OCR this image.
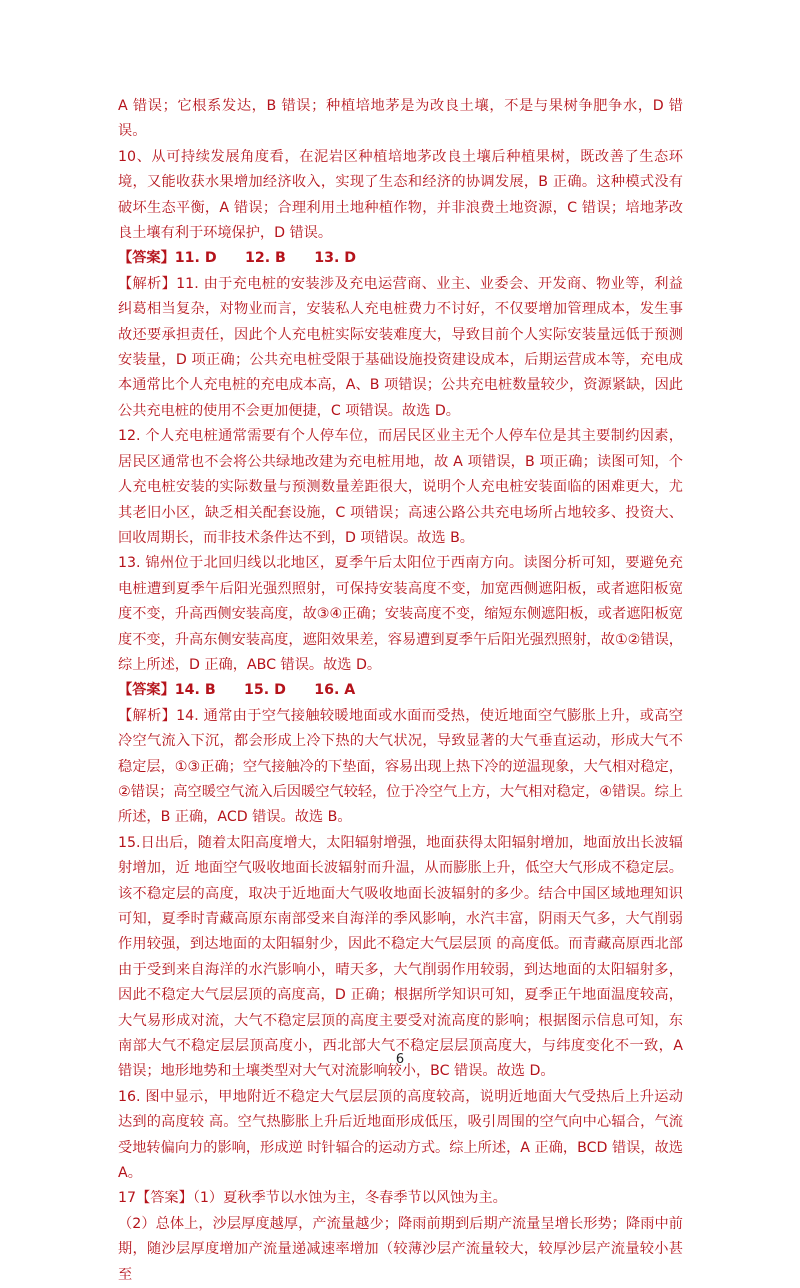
A 错误；它根系发达，B 错误；种植培地茅是为改良土壤，不是与果树争肥争水，D 错误。

10、从可持续发展角度看，在泥岩区种植培地茅改良土壤后种植果树，既改善了生态环境，又能收获水果增加经济收入，实现了生态和经济的协调发展，B 正确。这种模式没有破坏生态平衡，A 错误；合理利用土地种植作物，并非浪费土地资源，C 错误；培地茅改良土壤有利于环境保护，D 错误。

【答案】11. D　　12. B　　13. D

【解析】11. 由于充电桩的安装涉及充电运营商、业主、业委会、开发商、物业等，利益纠葛相当复杂，对物业而言，安装私人充电桩费力不讨好，不仅要增加管理成本，发生事故还要承担责任，因此个人充电桩实际安装难度大，导致目前个人实际安装量远低于预测安装量，D 项正确；公共充电桩受限于基础设施投资建设成本，后期运营成本等，充电成本通常比个人充电桩的充电成本高，A、B 项错误；公共充电桩数量较少，资源紧缺，因此公共充电桩的使用不会更加便捷，C 项错误。故选 D。

12. 个人充电桩通常需要有个人停车位，而居民区业主无个人停车位是其主要制约因素，居民区通常也不会将公共绿地改建为充电桩用地，故 A 项错误，B 项正确；读图可知，个人充电桩安装的实际数量与预测数量差距很大，说明个人充电桩安装面临的困难更大，尤其老旧小区，缺乏相关配套设施，C 项错误；高速公路公共充电场所占地较多、投资大、回收周期长，而非技术条件达不到，D 项错误。故选 B。

13. 锦州位于北回归线以北地区，夏季午后太阳位于西南方向。读图分析可知，要避免充电桩遭到夏季午后阳光强烈照射，可保持安装高度不变，加宽西侧遮阳板，或者遮阳板宽度不变，升高西侧安装高度，故③④正确；安装高度不变，缩短东侧遮阳板，或者遮阳板宽度不变，升高东侧安装高度，遮阳效果差，容易遭到夏季午后阳光强烈照射，故①②错误，综上所述，D 正确，ABC 错误。故选 D。

【答案】14. B　　15. D　　16. A

【解析】14. 通常由于空气接触较暖地面或水面而受热，使近地面空气膨胀上升，或高空冷空气流入下沉，都会形成上冷下热的大气状况，导致显著的大气垂直运动，形成大气不稳定层，①③正确；空气接触冷的下垫面，容易出现上热下冷的逆温现象，大气相对稳定，②错误；高空暖空气流入后因暖空气较轻，位于冷空气上方，大气相对稳定，④错误。综上所述，B 正确，ACD 错误。故选 B。

15.日出后，随着太阳高度增大，太阳辐射增强，地面获得太阳辐射增加，地面放出长波辐射增加，近 地面空气吸收地面长波辐射而升温，从而膨胀上升，低空大气形成不稳定层。该不稳定层的高度，取决于近地面大气吸收地面长波辐射的多少。结合中国区域地理知识可知，夏季时青藏高原东南部受来自海洋的季风影响，水汽丰富，阴雨天气多，大气削弱作用较强，到达地面的太阳辐射少，因此不稳定大气层层顶 的高度低。而青藏高原西北部由于受到来自海洋的水汽影响小，晴天多，大气削弱作用较弱，到达地面的太阳辐射多，因此不稳定大气层层顶的高度高，D 正确；根据所学知识可知，夏季正午地面温度较高，大气易形成对流，大气不稳定层顶的高度主要受对流高度的影响；根据图示信息可知，东南部大气不稳定层层顶高度小，西北部大气不稳定层层顶高度大，与纬度变化不一致，A 错误；地形地势和土壤类型对大气对流影响较小，BC 错误。故选 D。

16. 图中显示，甲地附近不稳定大气层层顶的高度较高，说明近地面大气受热后上升运动达到的高度较 高。空气热膨胀上升后近地面形成低压，吸引周围的空气向中心辐合，气流受地转偏向力的影响，形成逆 时针辐合的运动方式。综上所述，A 正确，BCD 错误，故选 A。

17【答案】（1）夏秋季节以水蚀为主，冬春季节以风蚀为主。

（2）总体上，沙层厚度越厚，产流量越少；降雨前期到后期产流量呈增长形势；降雨中前期，随沙层厚度增加产流量递减速率增加（较薄沙层产流量较大，较厚沙层产流量较小甚至

6
